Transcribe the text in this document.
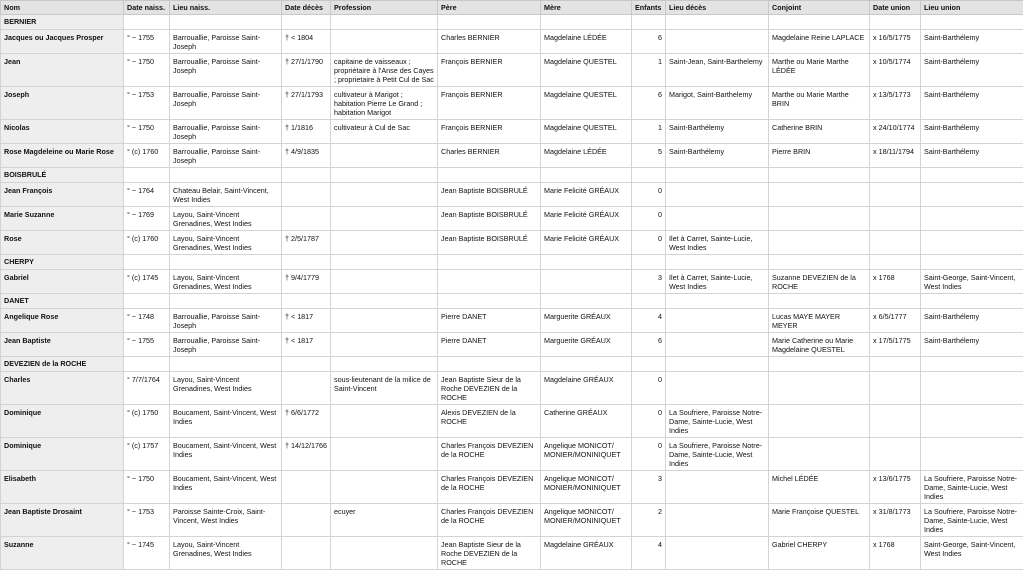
Nom	Date naiss.	Lieu naiss.	Date décès	Profession	Père	Mère	Enfants	Lieu décès	Conjoint	Date union	Lieu union
BERNIER											
Jacques ou Jacques Prosper	° ~ 1755	Barrouallie, Paroisse Saint-Joseph	† < 1804		Charles BERNIER	Magdelaine LÉDÉE	6		Magdelaine Reine LAPLACE	x 16/5/1775	Saint-Barthélemy
Jean	° ~ 1750	Barrouallie, Paroisse Saint-Joseph	† 27/1/1790	capitaine de vaisseaux ; propriétaire à l'Anse des Cayes ; proprietaire à Petit Cul de Sac	François BERNIER	Magdelaine QUESTEL	1	Saint-Jean, Saint-Barthelemy	Marthe ou Marie Marthe LÉDÉE	x 10/5/1774	Saint-Barthélemy
Joseph	° ~ 1753	Barrouallie, Paroisse Saint-Joseph	† 27/1/1793	cultivateur à Marigot ; habitation Pierre Le Grand ; habitation Marigot	François BERNIER	Magdelaine QUESTEL	6	Marigot, Saint-Barthelemy	Marthe ou Marie Marthe BRIN	x 13/5/1773	Saint-Barthélemy
Nicolas	° ~ 1750	Barrouallie, Paroisse Saint-Joseph	† 1/1816	cultivateur à Cul de Sac	François BERNIER	Magdelaine QUESTEL	1	Saint-Barthélemy	Catherine BRIN	x 24/10/1774	Saint-Barthélemy
Rose Magdeleine ou Marie Rose	° (c) 1760	Barrouallie, Paroisse Saint-Joseph	† 4/9/1835		Charles BERNIER	Magdelaine LÉDÉE	5	Saint-Barthélemy	Pierre BRIN	x 18/11/1794	Saint-Barthélemy
BOISBRULÉ											
Jean François	° ~ 1764	Chateau Belair, Saint-Vincent, West Indies			Jean Baptiste BOISBRULÉ	Marie Felicité GRÉAUX	0				
Marie Suzanne	° ~ 1769	Layou, Saint-Vincent Grenadines, West Indies			Jean Baptiste BOISBRULÉ	Marie Felicité GRÉAUX	0				
Rose	° (c) 1760	Layou, Saint-Vincent Grenadines, West Indies	† 2/5/1787		Jean Baptiste BOISBRULÉ	Marie Felicité GRÉAUX	0	Ilet à Carret, Sainte-Lucie, West Indies			
CHERPY											
Gabriel	° (c) 1745	Layou, Saint-Vincent Grenadines, West Indies	† 9/4/1779				3	Ilet à Carret, Sainte-Lucie, West Indies	Suzanne DEVEZIEN de la ROCHE	x 1768	Saint-George, Saint-Vincent, West Indies
DANET											
Angelique Rose	° ~ 1748	Barrouallie, Paroisse Saint-Joseph	† < 1817		Pierre DANET	Marguerite GRÉAUX	4		Lucas MAYE MAYER MEYER	x 6/5/1777	Saint-Barthélemy
Jean Baptiste	° ~ 1755	Barrouallie, Paroisse Saint-Joseph	† < 1817		Pierre DANET	Marguerite GRÉAUX	6		Marie Catherine ou Marie Magdelaine QUESTEL	x 17/5/1775	Saint-Barthélemy
DEVEZIEN de la ROCHE											
Charles	° 7/7/1764	Layou, Saint-Vincent Grenadines, West Indies		sous-lieutenant de la milice de Saint-Vincent	Jean Baptiste Sieur de la Roche DEVEZIEN de la ROCHE	Magdelaine GRÉAUX	0				
Dominique	° (c) 1750	Boucament, Saint-Vincent, West Indies	† 6/6/1772		Alexis DEVEZIEN de la ROCHE	Catherine GRÉAUX	0	La Soufriere, Paroisse Notre-Dame, Sainte-Lucie, West Indies			
Dominique	° (c) 1757	Boucament, Saint-Vincent, West Indies	† 14/12/1766		Charles François DEVEZIEN de la ROCHE	Angelique MONICOT/ MONIER/MONINIQUET	0	La Soufriere, Paroisse Notre-Dame, Sainte-Lucie, West Indies			
Elisabeth	° ~ 1750	Boucament, Saint-Vincent, West Indies			Charles François DEVEZIEN de la ROCHE	Angelique MONICOT/ MONIER/MONINIQUET	3		Michel LÉDÉE	x 13/6/1775	La Soufriere, Paroisse Notre-Dame, Sainte-Lucie, West Indies
Jean Baptiste Drosaint	° ~ 1753	Paroisse Sainte-Croix, Saint-Vincent, West Indies		ecuyer	Charles François DEVEZIEN de la ROCHE	Angelique MONICOT/ MONIER/MONINIQUET	2		Marie Françoise QUESTEL	x 31/8/1773	La Soufriere, Paroisse Notre-Dame, Sainte-Lucie, West Indies
Suzanne	° ~ 1745	Layou, Saint-Vincent Grenadines, West Indies			Jean Baptiste Sieur de la Roche DEVEZIEN de la ROCHE	Magdelaine GRÉAUX	4		Gabriel CHERPY	x 1768	Saint-George, Saint-Vincent, West Indies
